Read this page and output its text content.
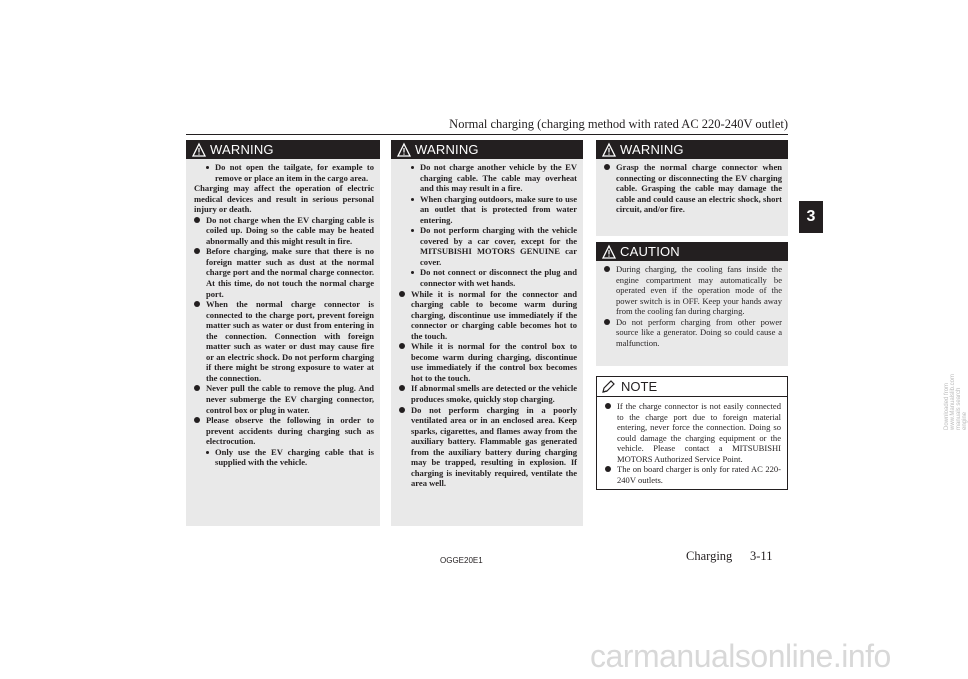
Normal charging (charging method with rated AC 220-240V outlet)
3
WARNING
Do not open the tailgate, for example to remove or place an item in the cargo area.
Charging may affect the operation of electric medical devices and result in serious personal injury or death.
Do not charge when the EV charging cable is coiled up. Doing so the cable may be heated abnormally and this might result in fire.
Before charging, make sure that there is no foreign matter such as dust at the normal charge port and the normal charge connector. At this time, do not touch the normal charge port.
When the normal charge connector is connected to the charge port, prevent foreign matter such as water or dust from entering in the connection. Connection with foreign matter such as water or dust may cause fire or an electric shock. Do not perform charging if there might be strong exposure to water at the connection.
Never pull the cable to remove the plug. And never submerge the EV charging connector, control box or plug in water.
Please observe the following in order to prevent accidents during charging such as electrocution.
Only use the EV charging cable that is supplied with the vehicle.
WARNING
Do not charge another vehicle by the EV charging cable. The cable may overheat and this may result in a fire.
When charging outdoors, make sure to use an outlet that is protected from water entering.
Do not perform charging with the vehicle covered by a car cover, except for the MITSUBISHI MOTORS GENUINE car cover.
Do not connect or disconnect the plug and connector with wet hands.
While it is normal for the connector and charging cable to become warm during charging, discontinue use immediately if the connector or charging cable becomes hot to the touch.
While it is normal for the control box to become warm during charging, discontinue use immediately if the control box becomes hot to the touch.
If abnormal smells are detected or the vehicle produces smoke, quickly stop charging.
Do not perform charging in a poorly ventilated area or in an enclosed area. Keep sparks, cigarettes, and flames away from the auxiliary battery. Flammable gas generated from the auxiliary battery during charging may be trapped, resulting in explosion. If charging is inevitably required, ventilate the area well.
WARNING
Grasp the normal charge connector when connecting or disconnecting the EV charging cable. Grasping the cable may damage the cable and could cause an electric shock, short circuit, and/or fire.
CAUTION
During charging, the cooling fans inside the engine compartment may automatically be operated even if the operation mode of the power switch is in OFF. Keep your hands away from the cooling fan during charging.
Do not perform charging from other power source like a generator. Doing so could cause a malfunction.
NOTE
If the charge connector is not easily connected to the charge port due to foreign material entering, never force the connection. Doing so could damage the charging equipment or the vehicle. Please contact a MITSUBISHI MOTORS Authorized Service Point.
The on board charger is only for rated AC 220-240V outlets.
OGGE20E1	Charging 3-11
Downloaded from www.Manualslib.com manuals search engine
carmanualsonline.info
